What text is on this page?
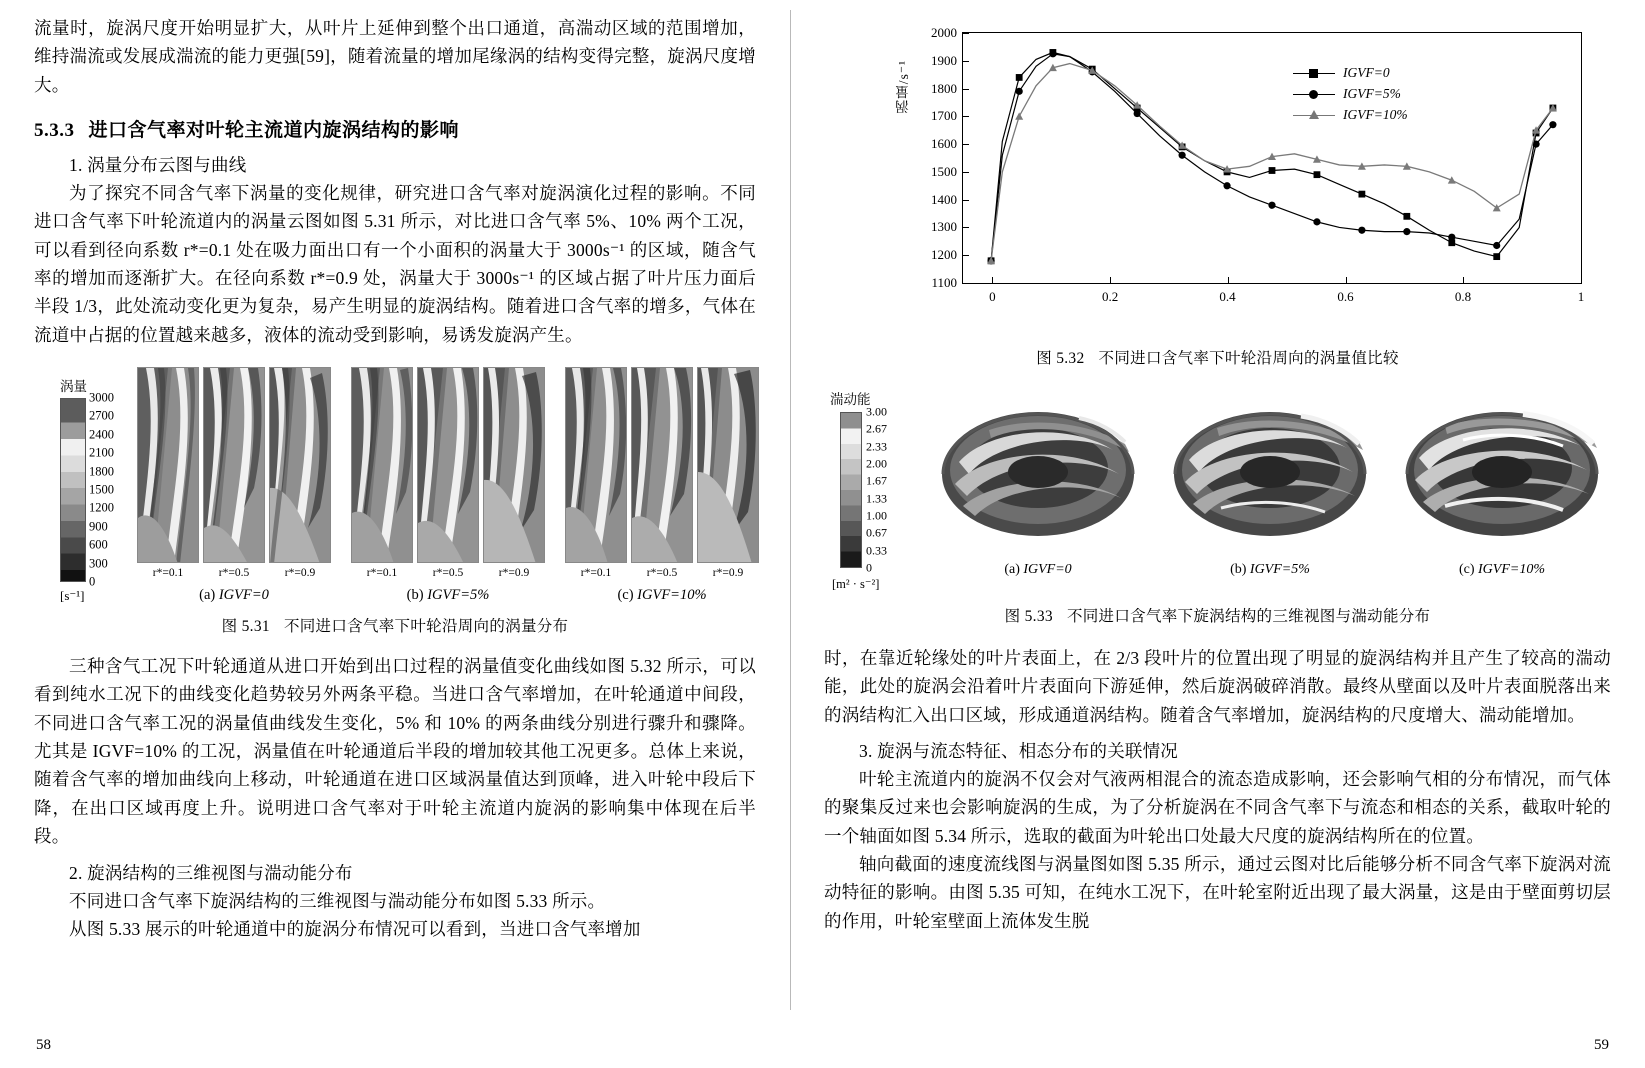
流量时，旋涡尺度开始明显扩大，从叶片上延伸到整个出口通道，高湍动区域的范围增加，维持湍流或发展成湍流的能力更强[59]，随着流量的增加尾缘涡的结构变得完整，旋涡尺度增大。

5.3.3 进口含气率对叶轮主流道内旋涡结构的影响
1. 涡量分布云图与曲线

为了探究不同含气率下涡量的变化规律，研究进口含气率对旋涡演化过程的影响。不同进口含气率下叶轮流道内的涡量云图如图 5.31 所示，对比进口含气率 5%、10% 两个工况，可以看到径向系数 r*=0.1 处在吸力面出口有一个小面积的涡量大于 3000s⁻¹ 的区域，随含气率的增加而逐渐扩大。在径向系数 r*=0.9 处，涡量大于 3000s⁻¹ 的区域占据了叶片压力面后半段 1/3，此处流动变化更为复杂，易产生明显的旋涡结构。随着进口含气率的增多，气体在流道中占据的位置越来越多，液体的流动受到影响，易诱发旋涡产生。

涡量
3000
2700
2400
2100
1800
1500
1200
900
600
300
0
[s⁻¹]
r*=0.1	r*=0.5	r*=0.9
(a) IGVF=0
r*=0.1	r*=0.5	r*=0.9
(b) IGVF=5%
r*=0.1	r*=0.5	r*=0.9
(c) IGVF=10%
图 5.31 不同进口含气率下叶轮沿周向的涡量分布

三种含气工况下叶轮通道从进口开始到出口过程的涡量值变化曲线如图 5.32 所示，可以看到纯水工况下的曲线变化趋势较另外两条平稳。当进口含气率增加，在叶轮通道中间段，不同进口含气率工况的涡量值曲线发生变化，5% 和 10% 的两条曲线分别进行骤升和骤降。尤其是 IGVF=10% 的工况，涡量值在叶轮通道后半段的增加较其他工况更多。总体上来说，随着含气率的增加曲线向上移动，叶轮通道在进口区域涡量值达到顶峰，进入叶轮中段后下降，在出口区域再度上升。说明进口含气率对于叶轮主流道内旋涡的影响集中体现在后半段。

2. 旋涡结构的三维视图与湍动能分布

不同进口含气率下旋涡结构的三维视图与湍动能分布如图 5.33 所示。

从图 5.33 展示的叶轮通道中的旋涡分布情况可以看到，当进口含气率增加

58
涡量/s⁻¹
2000
1900
1800
1700
1600
1500
1400
1300
1200
1100
0	0.2	0.4	0.6	0.8	1
IGVF=0
IGVF=5%
IGVF=10%
图 5.32 不同进口含气率下叶轮沿周向的涡量值比较
湍动能
3.00
2.67
2.33
2.00
1.67
1.33
1.00
0.67
0.33
0
[m² · s⁻²]
(a) IGVF=0	(b) IGVF=5%	(c) IGVF=10%
图 5.33 不同进口含气率下旋涡结构的三维视图与湍动能分布

时，在靠近轮缘处的叶片表面上，在 2/3 段叶片的位置出现了明显的旋涡结构并且产生了较高的湍动能，此处的旋涡会沿着叶片表面向下游延伸，然后旋涡破碎消散。最终从壁面以及叶片表面脱落出来的涡结构汇入出口区域，形成通道涡结构。随着含气率增加，旋涡结构的尺度增大、湍动能增加。

3. 旋涡与流态特征、相态分布的关联情况

叶轮主流道内的旋涡不仅会对气液两相混合的流态造成影响，还会影响气相的分布情况，而气体的聚集反过来也会影响旋涡的生成，为了分析旋涡在不同含气率下与流态和相态的关系，截取叶轮的一个轴面如图 5.34 所示，选取的截面为叶轮出口处最大尺度的旋涡结构所在的位置。

轴向截面的速度流线图与涡量图如图 5.35 所示，通过云图对比后能够分析不同含气率下旋涡对流动特征的影响。由图 5.35 可知，在纯水工况下，在叶轮室附近出现了最大涡量，这是由于壁面剪切层的作用，叶轮室壁面上流体发生脱

59
